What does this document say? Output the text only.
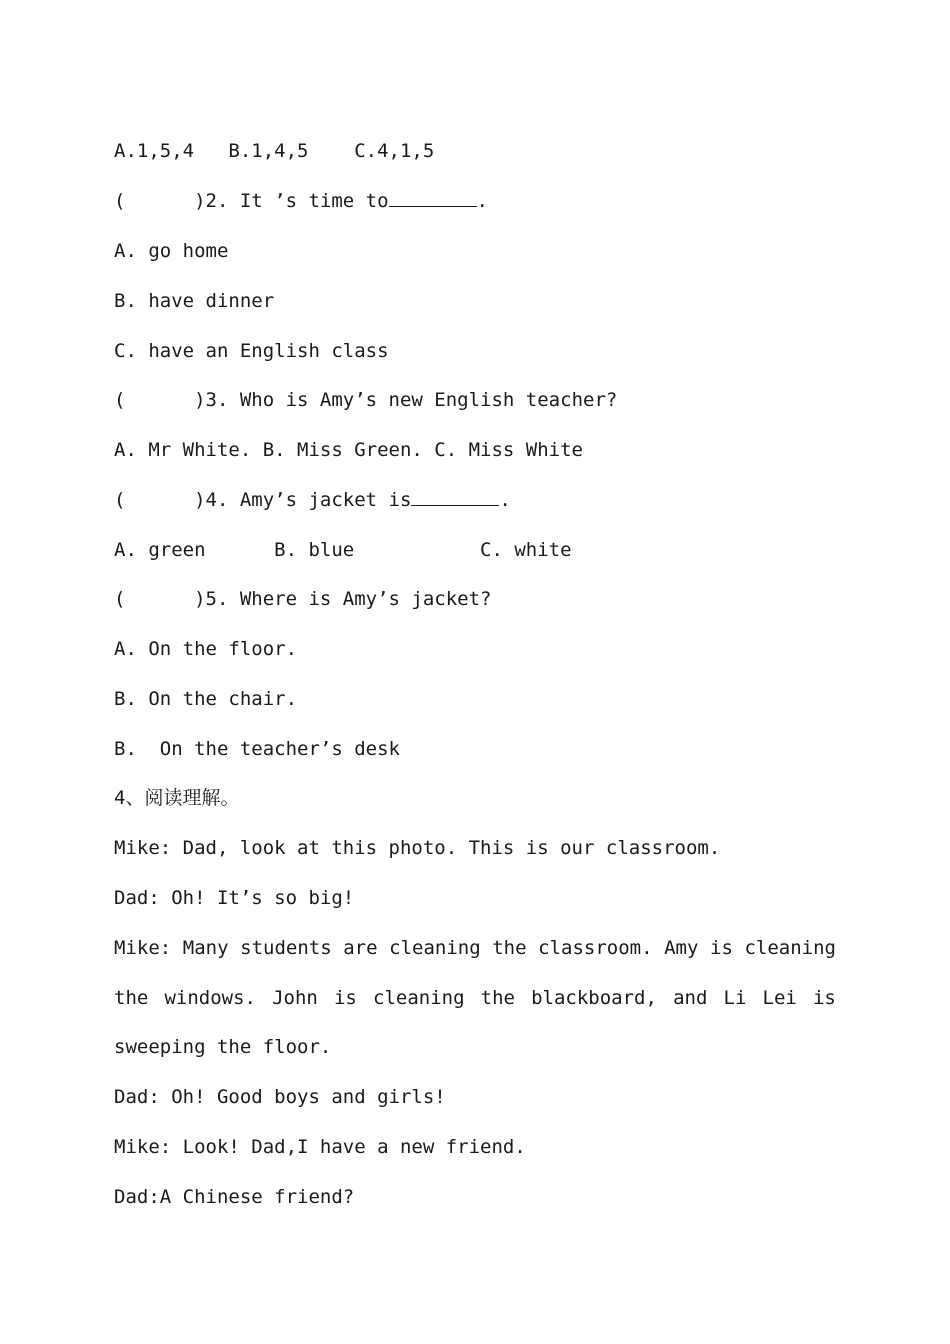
A.1,5,4   B.1,4,5    C.4,1,5

(      )2. It ’s time to	.

A. go home

B. have dinner

C. have an English class

(      )3. Who is Amy’s new English teacher?

A. Mr White. B. Miss Green. C. Miss White

(      )4. Amy’s jacket is	.

A. green      B. blue           C. white

(      )5. Where is Amy’s jacket?

A. On the floor.

B. On the chair.

B.  On the teacher’s desk

4、阅读理解。

Mike: Dad, look at this photo. This is our classroom.

Dad: Oh! It’s so big!

Mike: Many students are cleaning the classroom. Amy is cleaning

the windows. John is cleaning the blackboard, and Li Lei is

sweeping the floor.

Dad: Oh! Good boys and girls!

Mike: Look! Dad,I have a new friend.

Dad:A Chinese friend?
